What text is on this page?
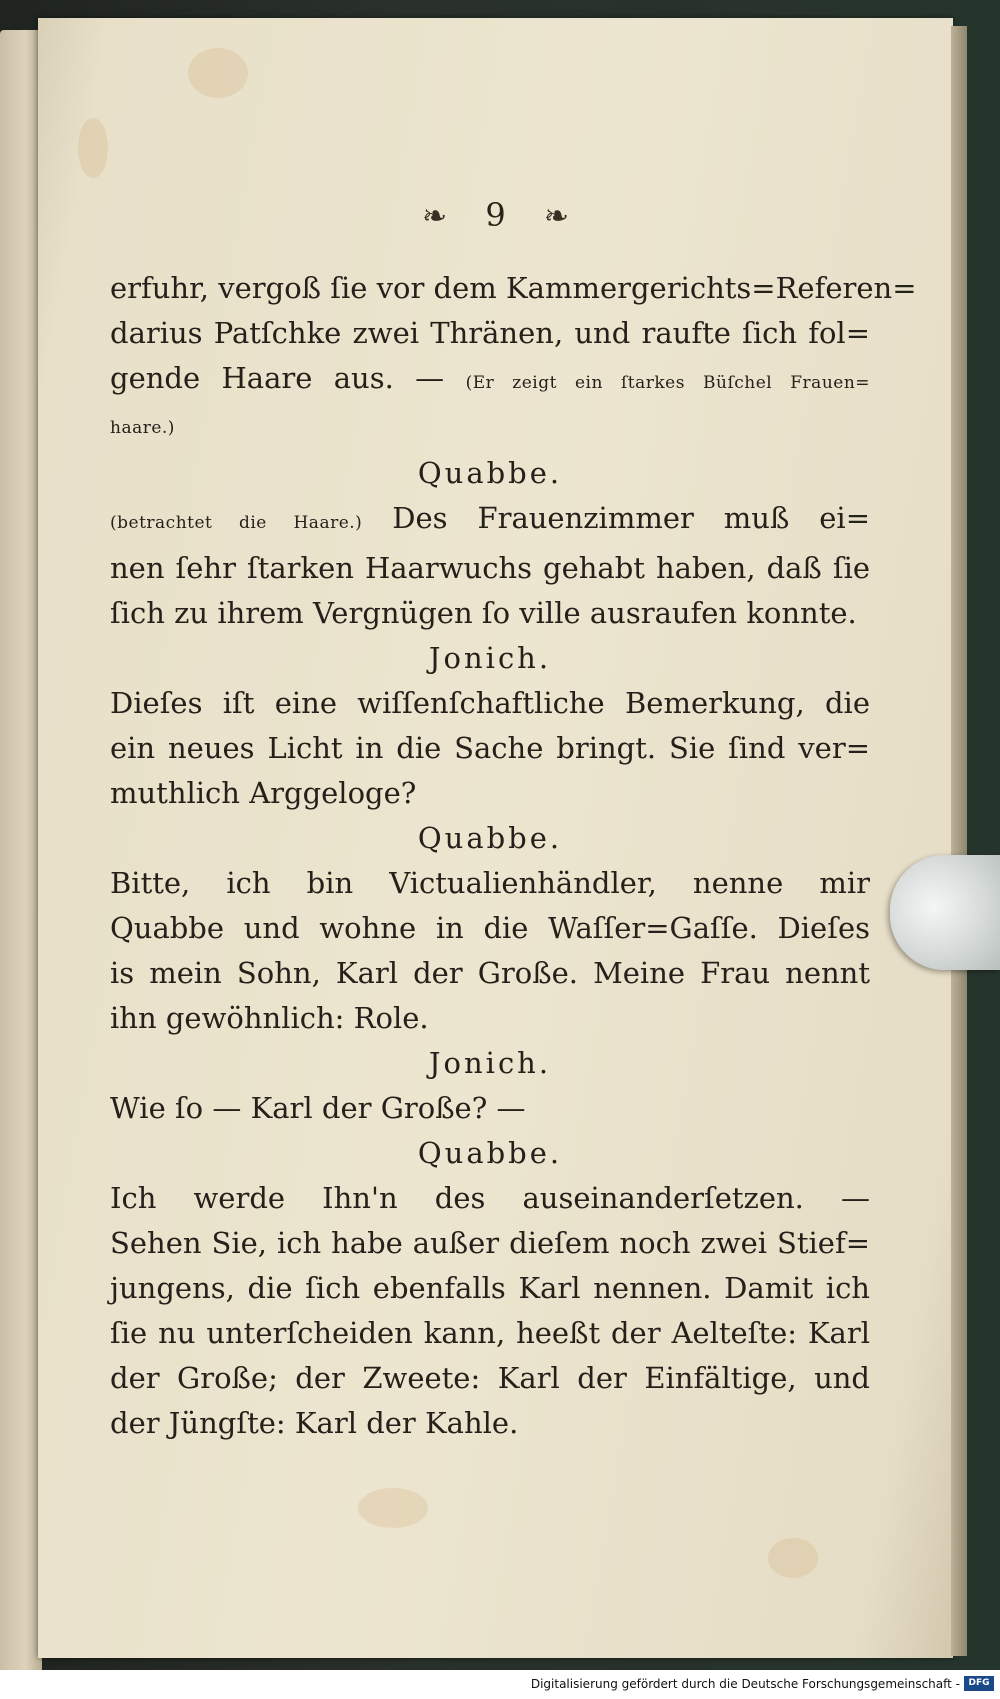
❧ 9 ❧
erfuhr, vergoß ſie vor dem Kammergerichts=Referen=
darius Patſchke zwei Thränen, und raufte ſich fol=
gende Haare aus. — (Er zeigt ein ſtarkes Büſchel Frauen=
haare.)
Quabbe.
(betrachtet die Haare.) Des Frauenzimmer muß ei=
nen ſehr ſtarken Haarwuchs gehabt haben, daß ſie
ſich zu ihrem Vergnügen ſo ville ausraufen konnte.
Jonich.
Dieſes iſt eine wiſſenſchaftliche Bemerkung, die
ein neues Licht in die Sache bringt. Sie ſind ver=
muthlich Arggeloge?
Quabbe.
Bitte, ich bin Victualienhändler, nenne mir
Quabbe und wohne in die Waſſer=Gaſſe. Dieſes
is mein Sohn, Karl der Große. Meine Frau nennt
ihn gewöhnlich: Role.
Jonich.
Wie ſo — Karl der Große? —
Quabbe.
Ich werde Ihn'n des auseinanderſetzen. —
Sehen Sie, ich habe außer dieſem noch zwei Stief=
jungens, die ſich ebenfalls Karl nennen. Damit ich
ſie nu unterſcheiden kann, heeßt der Aelteſte: Karl
der Große; der Zweete: Karl der Einfältige, und
der Jüngſte: Karl der Kahle.
Digitalisierung gefördert durch die Deutsche Forschungsgemeinschaft - DFG
